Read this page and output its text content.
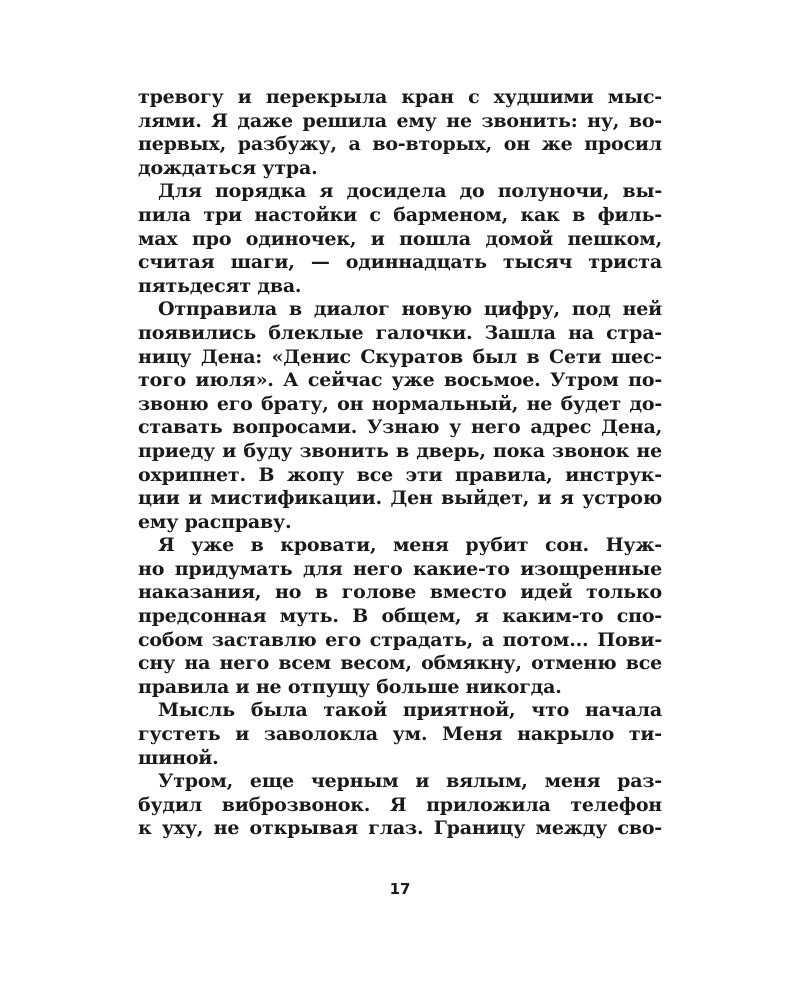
тревогу и перекрыла кран с худшими мыс-
лями. Я даже решила ему не звонить: ну, во-
первых, разбужу, а во-вторых, он же просил
дождаться утра.
Для порядка я досидела до полуночи, вы-
пила три настойки с барменом, как в филь-
мах про одиночек, и пошла домой пешком,
считая шаги, — одиннадцать тысяч триста
пятьдесят два.
Отправила в диалог новую цифру, под ней
появились блеклые галочки. Зашла на стра-
ницу Дена: «Денис Скуратов был в Сети шес-
того июля». А сейчас уже восьмое. Утром по-
звоню его брату, он нормальный, не будет до-
ставать вопросами. Узнаю у него адрес Дена,
приеду и буду звонить в дверь, пока звонок не
охрипнет. В жопу все эти правила, инструк-
ции и мистификации. Ден выйдет, и я устрою
ему расправу.
Я уже в кровати, меня рубит сон. Нуж-
но придумать для него какие-то изощренные
наказания, но в голове вместо идей только
предсонная муть. В общем, я каким-то спо-
собом заставлю его страдать, а потом... Пови-
сну на него всем весом, обмякну, отменю все
правила и не отпущу больше никогда.
Мысль была такой приятной, что начала
густеть и заволокла ум. Меня накрыло ти-
шиной.
Утром, еще черным и вялым, меня раз-
будил виброзвонок. Я приложила телефон
к уху, не открывая глаз. Границу между сво-
17
